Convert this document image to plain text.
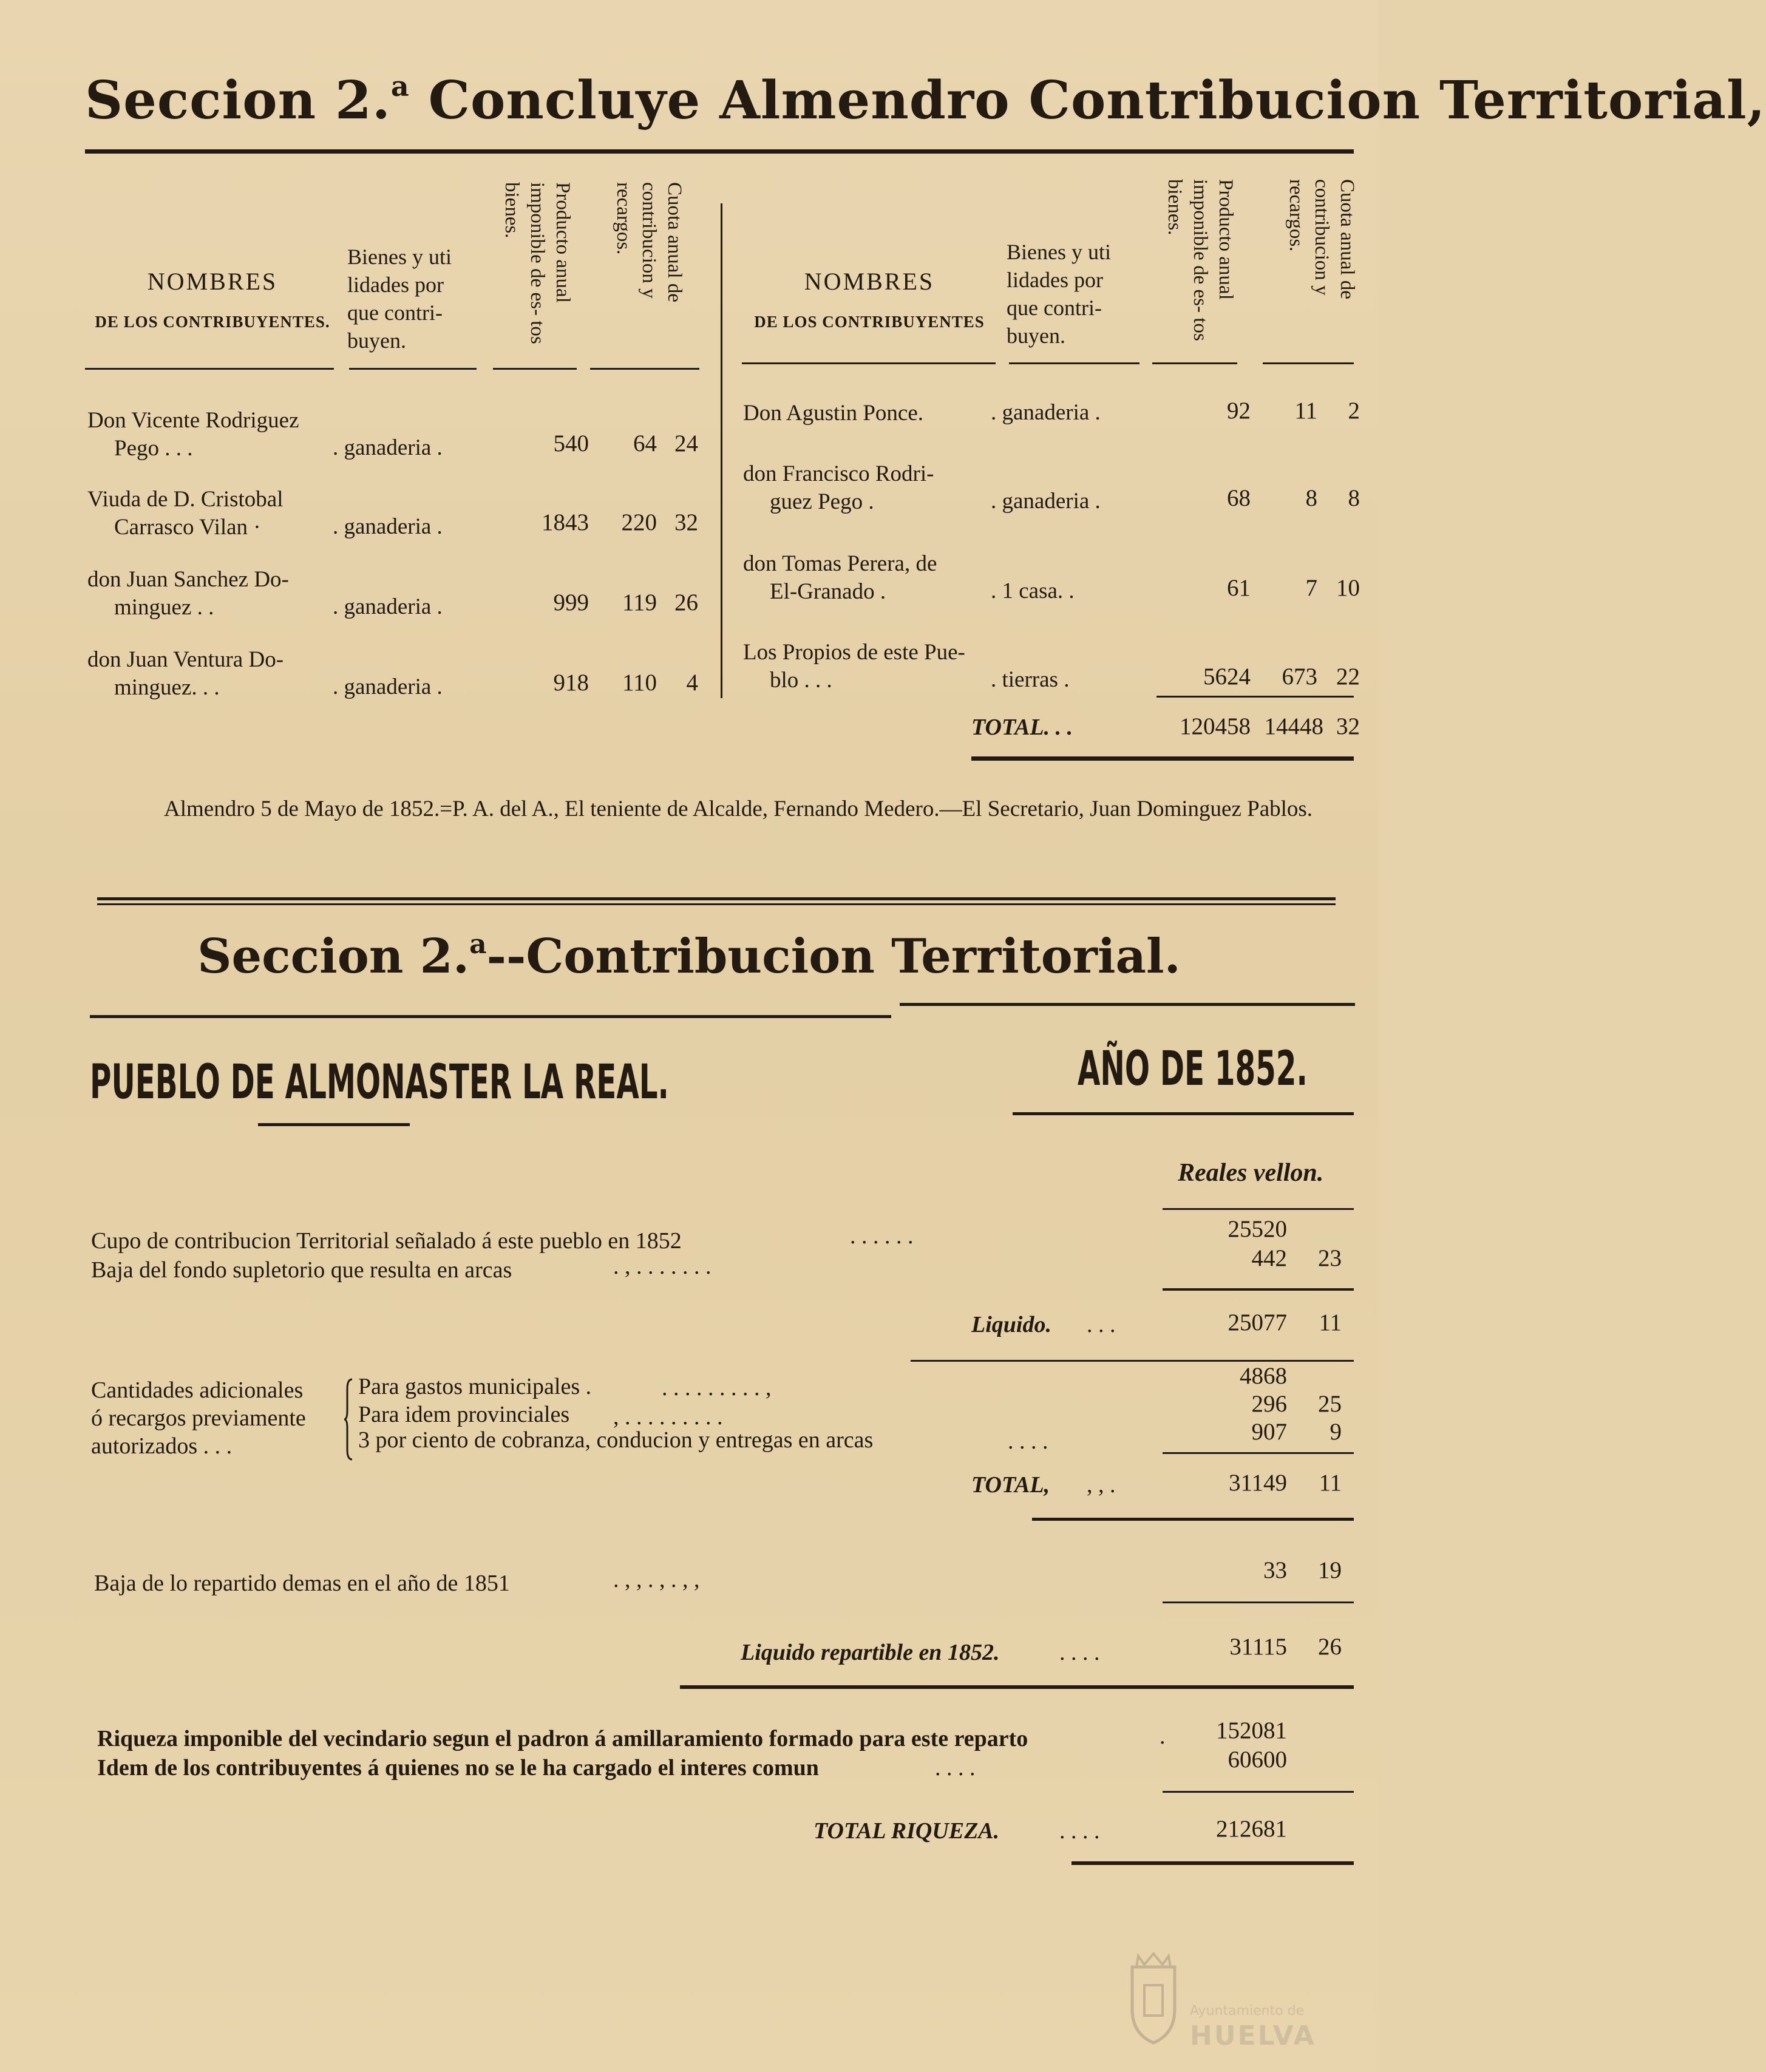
Seccion 2.$^a$ Concluye Almendro Contribucion Territorial,
NOMBRES
DE LOS CONTRIBUYENTES.
Bienes y uti
lidades por
que contri-
buyen.
Producto anual imponible de es- tos bienes.	Cuota anual de contribucion y recargos.
NOMBRES
DE LOS CONTRIBUYENTES
Bienes y uti
lidades por
que contri-
buyen.
Producto anual imponible de es- tos bienes.	Cuota anual de contribucion y recargos.
Don Vicente Rodriguez
Pego . . .	. ganaderia .	540	64 24
Viuda de D. Cristobal
Carrasco Vilan ·	. ganaderia .	1843	220 32
don Juan Sanchez Do-
minguez . .	. ganaderia .	999	119 26
don Juan Ventura Do-
minguez. . .	. ganaderia .	918	110	4
Don Agustin Ponce.	. ganaderia .	92	11	2
don Francisco Rodri-
guez Pego .	. ganaderia .	68	8	8
don Tomas Perera, de
El-Granado .	. 1 casa. .	61	7 10
Los Propios de este Pue-
blo . . .	. tierras .	5624	673 22
TOTAL. . .	120458 14448 32
Almendro 5 de Mayo de 1852.=P. A. del A., El teniente de Alcalde, Fernando Medero.—El Secretario, Juan Dominguez Pablos.
Seccion 2.$^a$--Contribucion Territorial.
PUEBLO DE ALMONASTER LA REAL.	AÑO DE 1852.
Reales vellon.
Cupo de contribucion Territorial señalado á este pueblo en 1852	. . . . . .	25520
Baja del fondo supletorio que resulta en arcas	. , . . . . . . .	442	23
Liquido. . . .	25077	11
Cantidades adicionales
ó recargos previamente
autorizados . . .
Para gastos municipales .	. . . . . . . . . ,	4868
Para idem provinciales , . . . . . . . . .	296	25
3 por ciento de cobranza, conducion y entregas en arcas	. . . .	907	9
TOTAL, , , .	31149	11
Baja de lo repartido demas en el año de 1851	. , , . , . , ,	33	19
Liquido repartible en 1852.	. . . .	31115	26
Riqueza imponible del vecindario segun el padron á amillaramiento formado para este reparto	.	152081
Idem de los contribuyentes á quienes no se le ha cargado el interes comun	. . . .	60600
TOTAL RIQUEZA.	. . . .	212681
Ayuntamiento de
HUELVA
